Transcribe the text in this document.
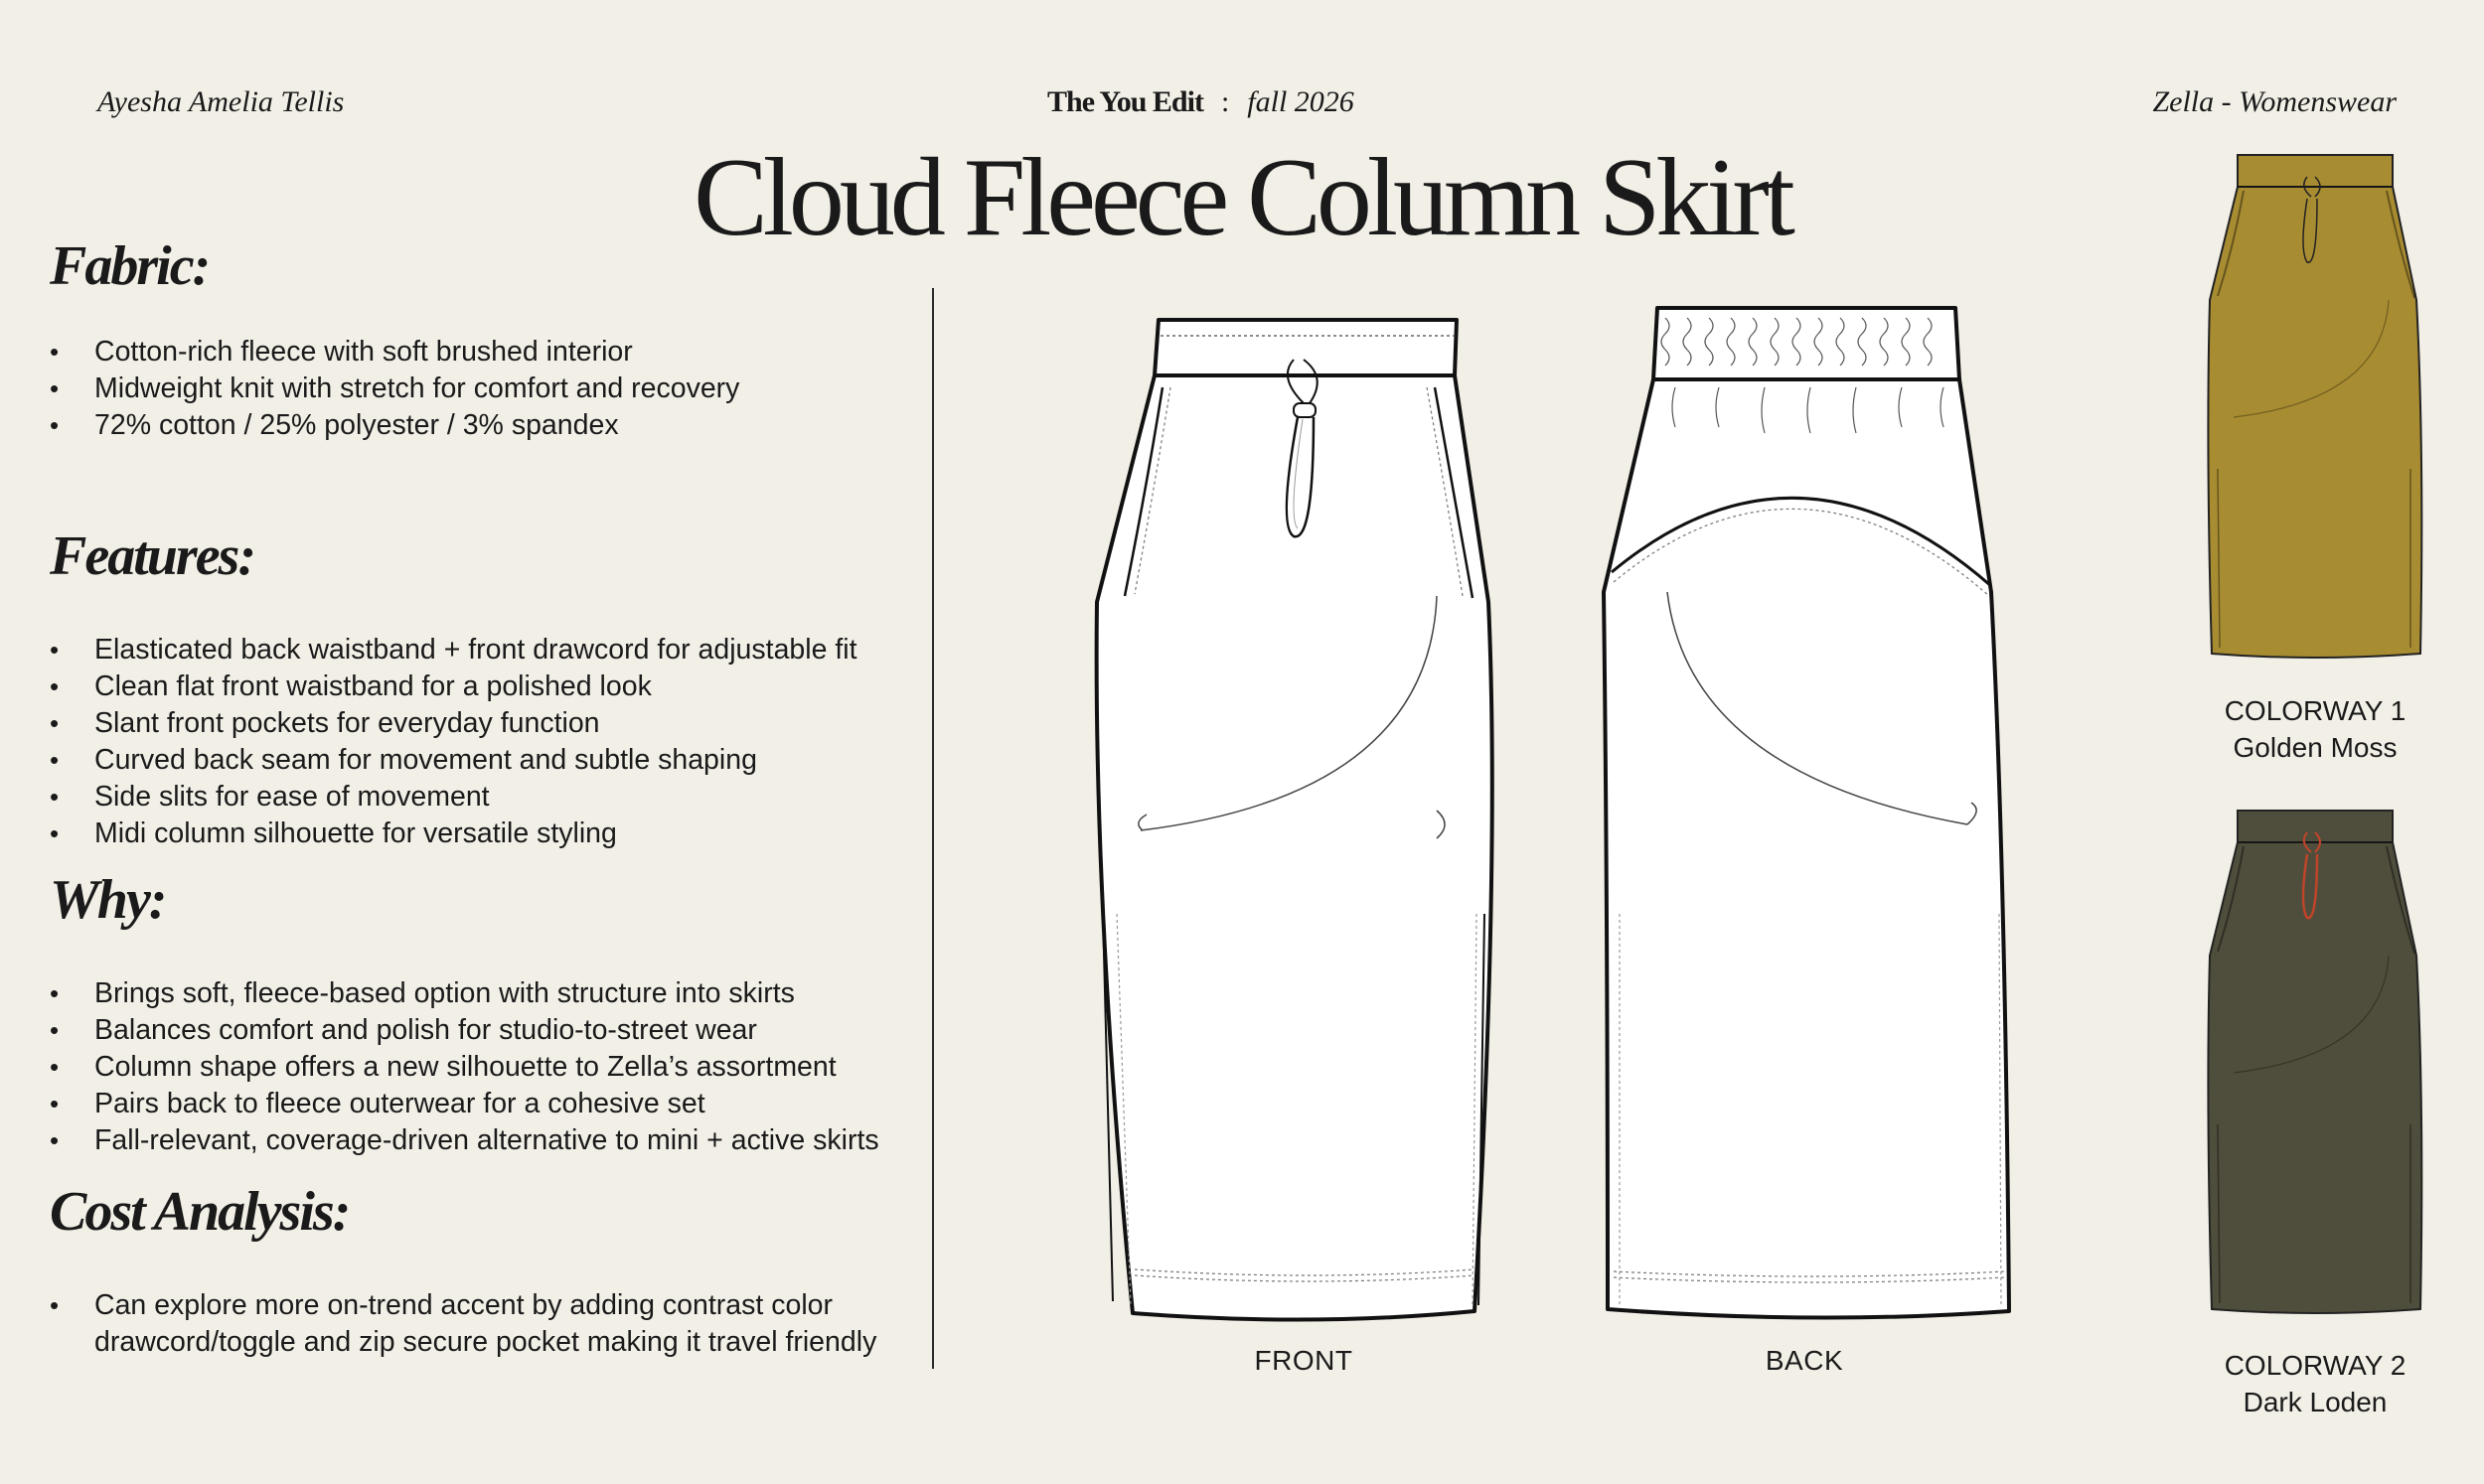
Ayesha Amelia Tellis	The You Edit : fall 2026	Zella - Womenswear
Cloud Fleece Column Skirt
Fabric:
• Cotton-rich fleece with soft brushed interior
• Midweight knit with stretch for comfort and recovery
• 72% cotton / 25% polyester / 3% spandex
Features:
• Elasticated back waistband + front drawcord for adjustable fit
• Clean flat front waistband for a polished look
• Slant front pockets for everyday function
• Curved back seam for movement and subtle shaping
• Side slits for ease of movement
• Midi column silhouette for versatile styling
Why:
• Brings soft, fleece-based option with structure into skirts
• Balances comfort and polish for studio-to-street wear
• Column shape offers a new silhouette to Zella’s assortment
• Pairs back to fleece outerwear for a cohesive set
• Fall-relevant, coverage-driven alternative to mini + active skirts
Cost Analysis:
• Can explore more on-trend accent by adding contrast color drawcord/toggle and zip secure pocket making it travel friendly
FRONT	BACK
COLORWAY 1
Golden Moss
COLORWAY 2
Dark Loden
